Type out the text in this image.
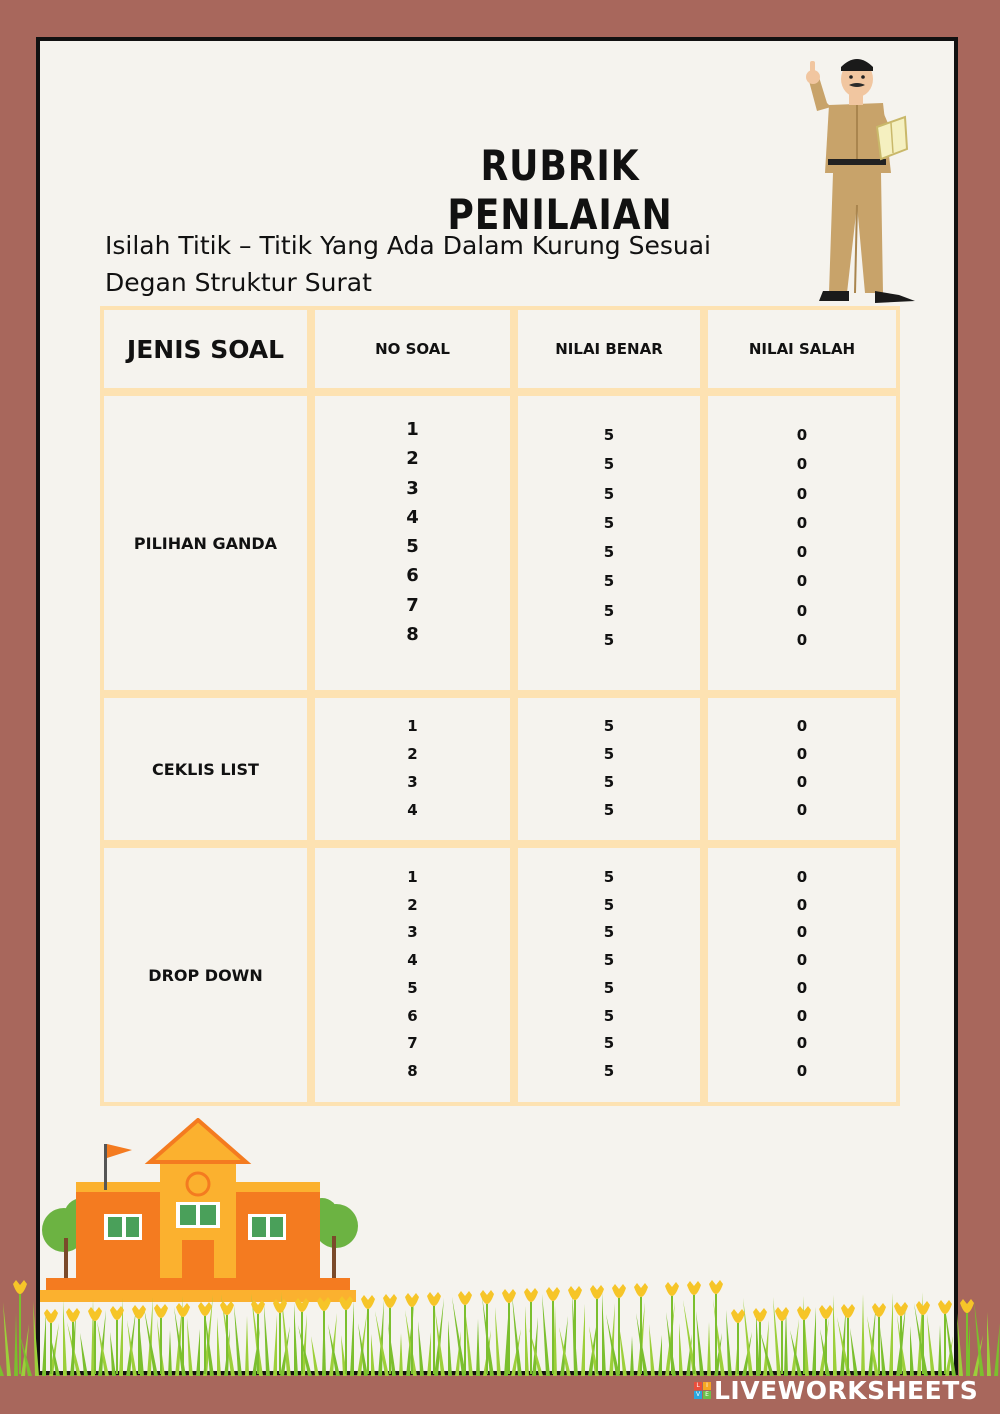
RUBRIK PENILAIAN
Isilah Titik – Titik Yang Ada Dalam Kurung Sesuai
Degan Struktur Surat
JENIS SOAL	NO SOAL	NILAI BENAR	NILAI SALAH
PILIHAN GANDA
1	5	0
2	5	0
3	5	0
4	5	0
5	5	0
6	5	0
7	5	0
8	5	0
CEKLIS LIST
1	5	0
2	5	0
3	5	0
4	5	0
DROP DOWN
1	5	0
2	5	0
3	5	0
4	5	0
5	5	0
6	5	0
7	5	0
8	5	0
L	I
V E LIVEWORKSHEETS
